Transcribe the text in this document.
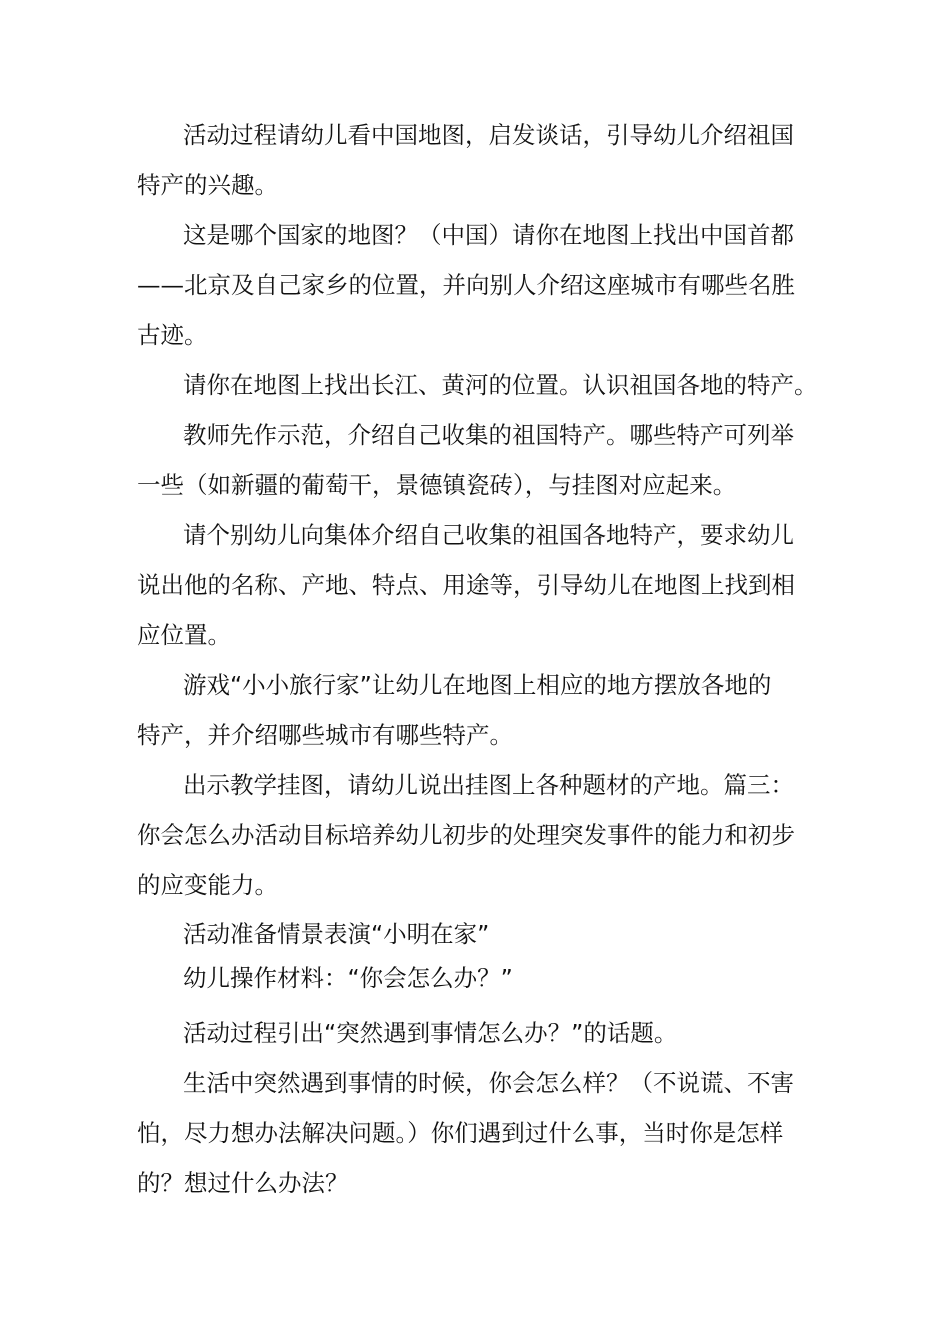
活动过程请幼儿看中国地图，启发谈话，引导幼儿介绍祖国
特产的兴趣。
这是哪个国家的地图？（中国）请你在地图上找出中国首都
——北京及自己家乡的位置，并向别人介绍这座城市有哪些名胜
古迹。
请你在地图上找出长江、黄河的位置。认识祖国各地的特产。
教师先作示范，介绍自己收集的祖国特产。哪些特产可列举
一些（如新疆的葡萄干，景德镇瓷砖），与挂图对应起来。
请个别幼儿向集体介绍自己收集的祖国各地特产，要求幼儿
说出他的名称、产地、特点、用途等，引导幼儿在地图上找到相
应位置。
游戏“小小旅行家”让幼儿在地图上相应的地方摆放各地的
特产，并介绍哪些城市有哪些特产。
出示教学挂图，请幼儿说出挂图上各种题材的产地。篇三：
你会怎么办活动目标培养幼儿初步的处理突发事件的能力和初步
的应变能力。
活动准备情景表演“小明在家”
幼儿操作材料：“你会怎么办？”
活动过程引出“突然遇到事情怎么办？”的话题。
生活中突然遇到事情的时候，你会怎么样？（不说谎、不害
怕，尽力想办法解决问题。）你们遇到过什么事，当时你是怎样
的？想过什么办法？
